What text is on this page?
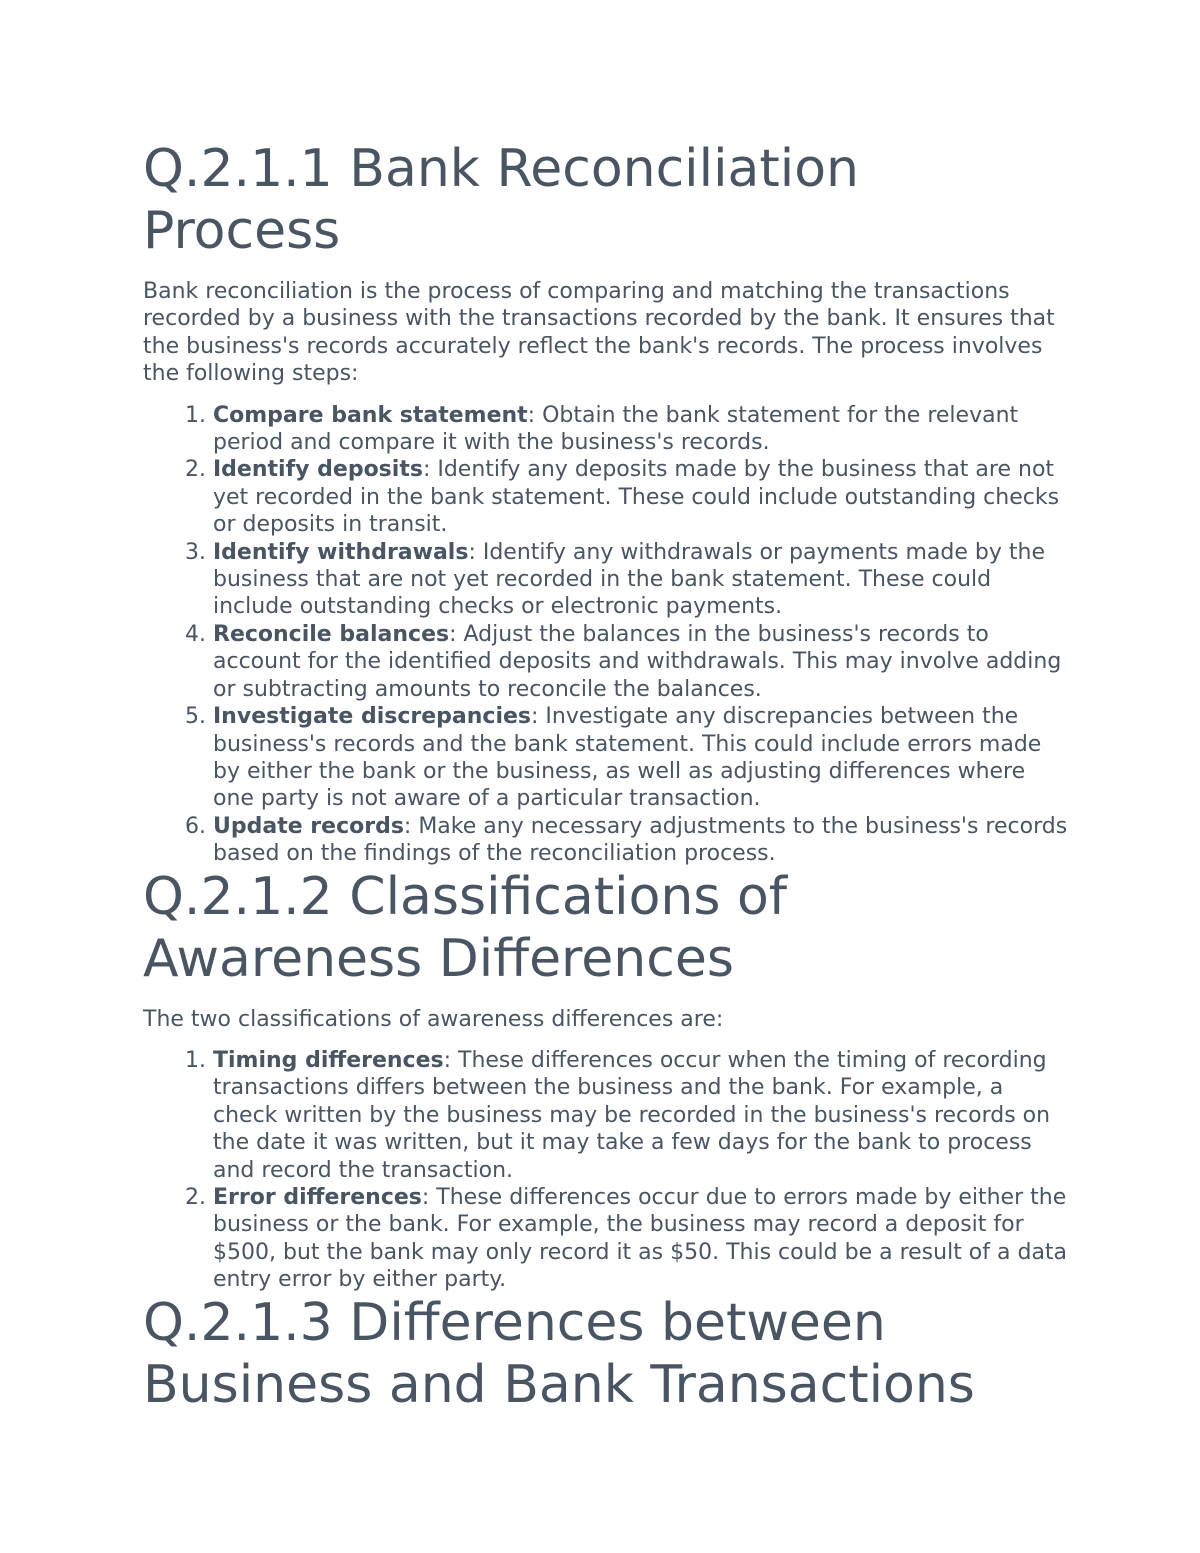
Q.2.1.1 Bank Reconciliation Process

Bank reconciliation is the process of comparing and matching the transactions recorded by a business with the transactions recorded by the bank. It ensures that the business's records accurately reflect the bank's records. The process involves the following steps:

1. Compare bank statement: Obtain the bank statement for the relevant period and compare it with the business's records.
2. Identify deposits: Identify any deposits made by the business that are not yet recorded in the bank statement. These could include outstanding checks or deposits in transit.
3. Identify withdrawals: Identify any withdrawals or payments made by the business that are not yet recorded in the bank statement. These could include outstanding checks or electronic payments.
4. Reconcile balances: Adjust the balances in the business's records to account for the identified deposits and withdrawals. This may involve adding or subtracting amounts to reconcile the balances.
5. Investigate discrepancies: Investigate any discrepancies between the business's records and the bank statement. This could include errors made by either the bank or the business, as well as adjusting differences where one party is not aware of a particular transaction.
6. Update records: Make any necessary adjustments to the business's records based on the findings of the reconciliation process.
Q.2.1.2 Classifications of Awareness Differences

The two classifications of awareness differences are:

1. Timing differences: These differences occur when the timing of recording transactions differs between the business and the bank. For example, a check written by the business may be recorded in the business's records on the date it was written, but it may take a few days for the bank to process and record the transaction.
2. Error differences: These differences occur due to errors made by either the business or the bank. For example, the business may record a deposit for $500, but the bank may only record it as $50. This could be a result of a data entry error by either party.
Q.2.1.3 Differences between Business and Bank Transactions
